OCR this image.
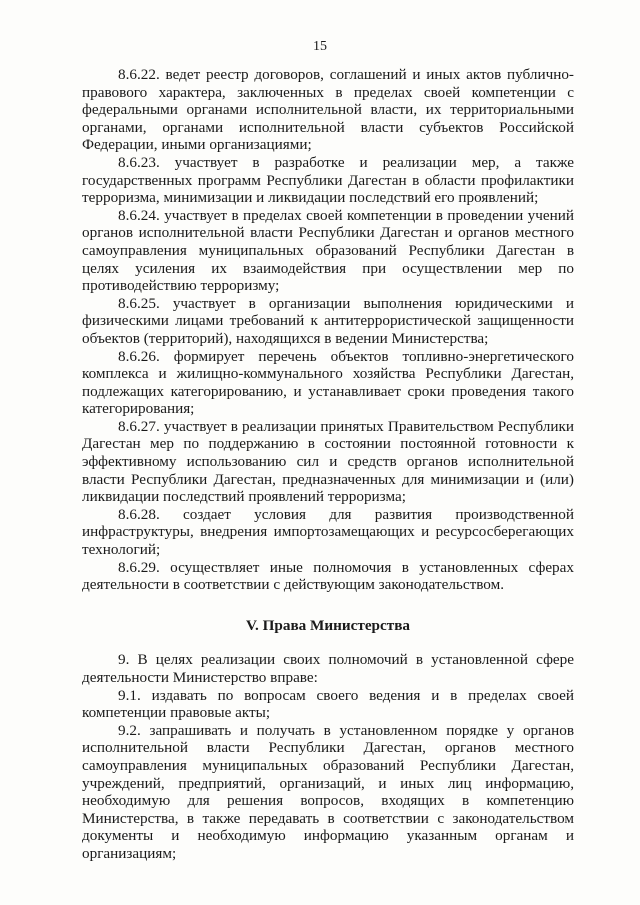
15

8.6.22. ведет реестр договоров, соглашений и иных актов публично-правового характера, заключенных в пределах своей компетенции с федеральными органами исполнительной власти, их территориальными органами, органами исполнительной власти субъектов Российской Федерации, иными организациями;

8.6.23. участвует в разработке и реализации мер, а также государственных программ Республики Дагестан в области профилактики терроризма, минимизации и ликвидации последствий его проявлений;

8.6.24. участвует в пределах своей компетенции в проведении учений органов исполнительной власти Республики Дагестан и органов местного самоуправления муниципальных образований Республики Дагестан в целях усиления их взаимодействия при осуществлении мер по противодействию терроризму;

8.6.25. участвует в организации выполнения юридическими и физическими лицами требований к антитеррористической защищенности объектов (территорий), находящихся в ведении Министерства;

8.6.26. формирует перечень объектов топливно-энергетического комплекса и жилищно-коммунального хозяйства Республики Дагестан, подлежащих категорированию, и устанавливает сроки проведения такого категорирования;

8.6.27. участвует в реализации принятых Правительством Республики Дагестан мер по поддержанию в состоянии постоянной готовности к эффективному использованию сил и средств органов исполнительной власти Республики Дагестан, предназначенных для минимизации и (или) ликвидации последствий проявлений терроризма;

8.6.28. создает условия для развития производственной инфраструктуры, внедрения импортозамещающих и ресурсосберегающих технологий;

8.6.29. осуществляет иные полномочия в установленных сферах деятельности в соответствии с действующим законодательством.

V. Права Министерства

9. В целях реализации своих полномочий в установленной сфере деятельности Министерство вправе:

9.1. издавать по вопросам своего ведения и в пределах своей компетенции правовые акты;

9.2. запрашивать и получать в установленном порядке у органов исполнительной власти Республики Дагестан, органов местного самоуправления муниципальных образований Республики Дагестан, учреждений, предприятий, организаций, и иных лиц информацию, необходимую для решения вопросов, входящих в компетенцию Министерства, в также передавать в соответствии с законодательством документы и необходимую информацию указанным органам и организациям;
